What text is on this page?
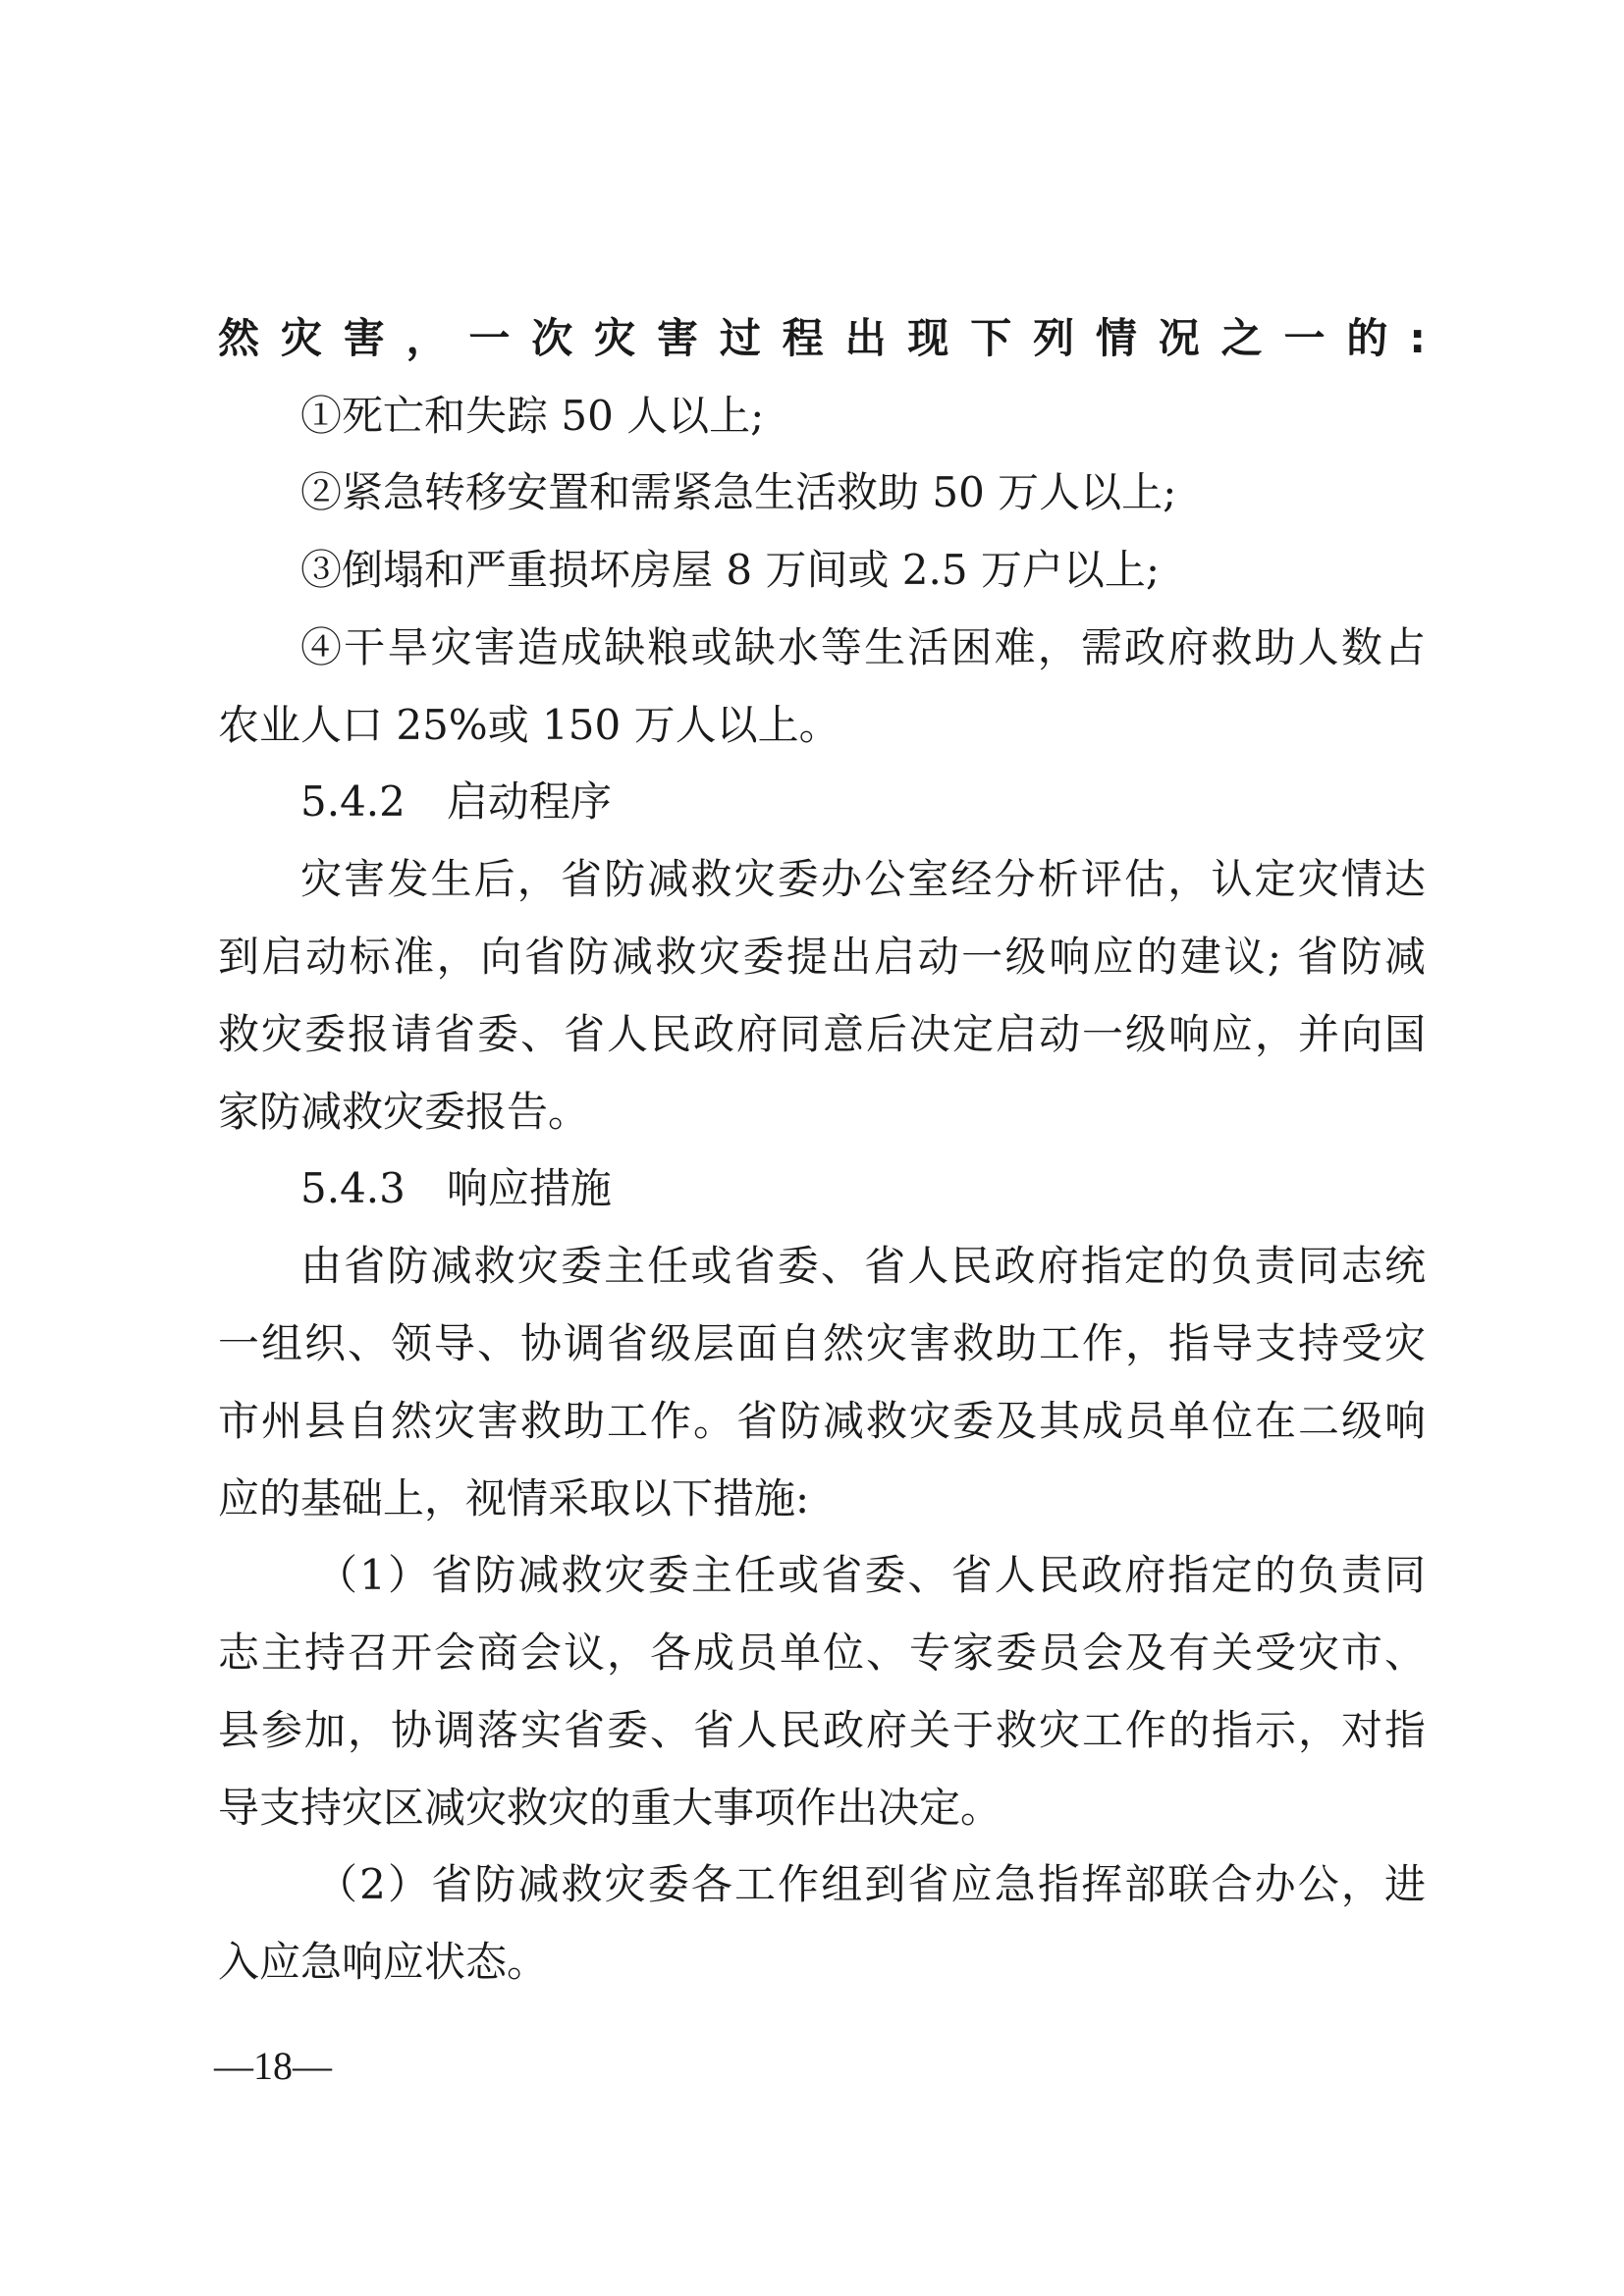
然灾害，一次灾害过程出现下列情况之一的:
①死亡和失踪 50 人以上;
②紧急转移安置和需紧急生活救助 50 万人以上;
③倒塌和严重损坏房屋 8 万间或 2.5 万户以上;
④干旱灾害造成缺粮或缺水等生活困难，需政府救助人数占
农业人口 25%或 150 万人以上。
5.4.2　启动程序
灾害发生后，省防减救灾委办公室经分析评估，认定灾情达
到启动标准，向省防减救灾委提出启动一级响应的建议; 省防减
救灾委报请省委、省人民政府同意后决定启动一级响应，并向国
家防减救灾委报告。
5.4.3　响应措施
由省防减救灾委主任或省委、省人民政府指定的负责同志统
一组织、领导、协调省级层面自然灾害救助工作，指导支持受灾
市州县自然灾害救助工作。省防减救灾委及其成员单位在二级响
应的基础上，视情采取以下措施:
（1）省防减救灾委主任或省委、省人民政府指定的负责同
志主持召开会商会议，各成员单位、专家委员会及有关受灾市、
县参加，协调落实省委、省人民政府关于救灾工作的指示，对指
导支持灾区减灾救灾的重大事项作出决定。
（2）省防减救灾委各工作组到省应急指挥部联合办公，进
入应急响应状态。
—18—
